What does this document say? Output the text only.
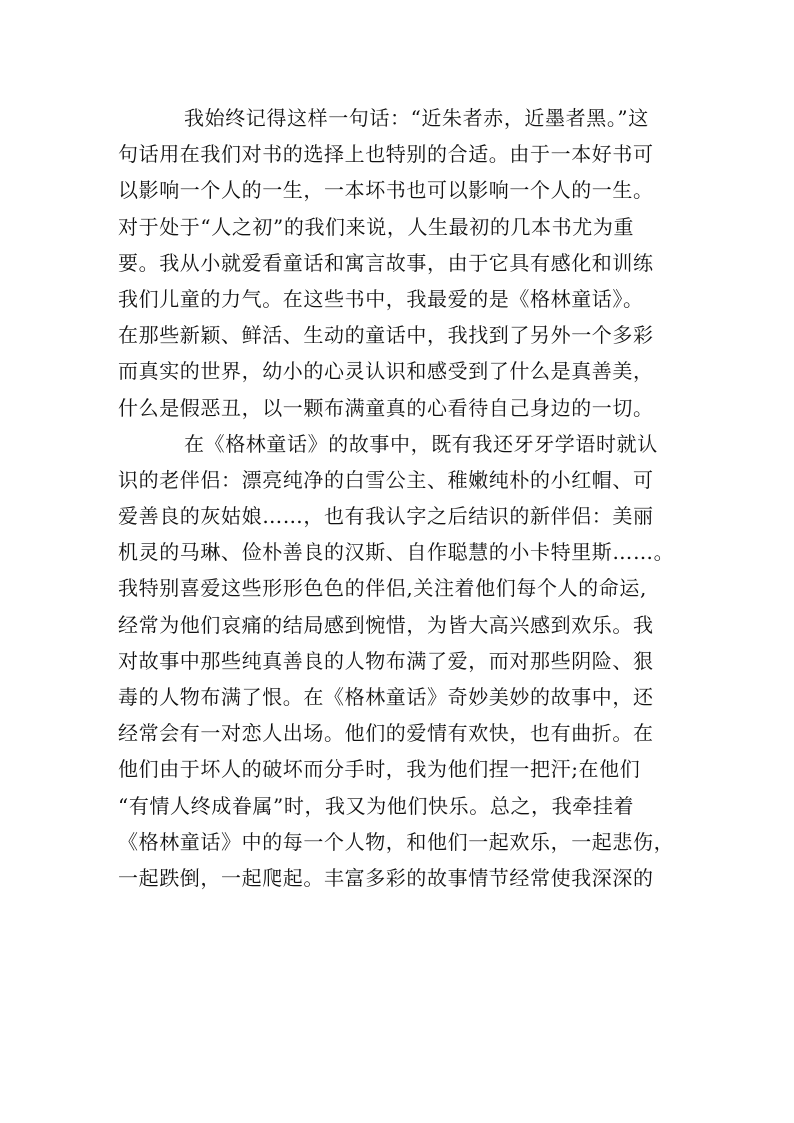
我始终记得这样一句话：“近朱者赤，近墨者黑。”这
句话用在我们对书的选择上也特别的合适。由于一本好书可
以影响一个人的一生，一本坏书也可以影响一个人的一生。
对于处于“人之初”的我们来说，人生最初的几本书尤为重
要。我从小就爱看童话和寓言故事，由于它具有感化和训练
我们儿童的力气。在这些书中，我最爱的是《格林童话》。
在那些新颖、鲜活、生动的童话中，我找到了另外一个多彩
而真实的世界，幼小的心灵认识和感受到了什么是真善美，
什么是假恶丑，以一颗布满童真的心看待自己身边的一切。
在《格林童话》的故事中，既有我还牙牙学语时就认
识的老伴侣：漂亮纯净的白雪公主、稚嫩纯朴的小红帽、可
爱善良的灰姑娘……，也有我认字之后结识的新伴侣：美丽
机灵的马琳、俭朴善良的汉斯、自作聪慧的小卡特里斯……。
我特别喜爱这些形形色色的伴侣,关注着他们每个人的命运,
经常为他们哀痛的结局感到惋惜，为皆大高兴感到欢乐。我
对故事中那些纯真善良的人物布满了爱，而对那些阴险、狠
毒的人物布满了恨。在《格林童话》奇妙美妙的故事中，还
经常会有一对恋人出场。他们的爱情有欢快，也有曲折。在
他们由于坏人的破坏而分手时，我为他们捏一把汗;在他们
“有情人终成眷属”时，我又为他们快乐。总之，我牵挂着
《格林童话》中的每一个人物，和他们一起欢乐，一起悲伤，
一起跌倒，一起爬起。丰富多彩的故事情节经常使我深深的
